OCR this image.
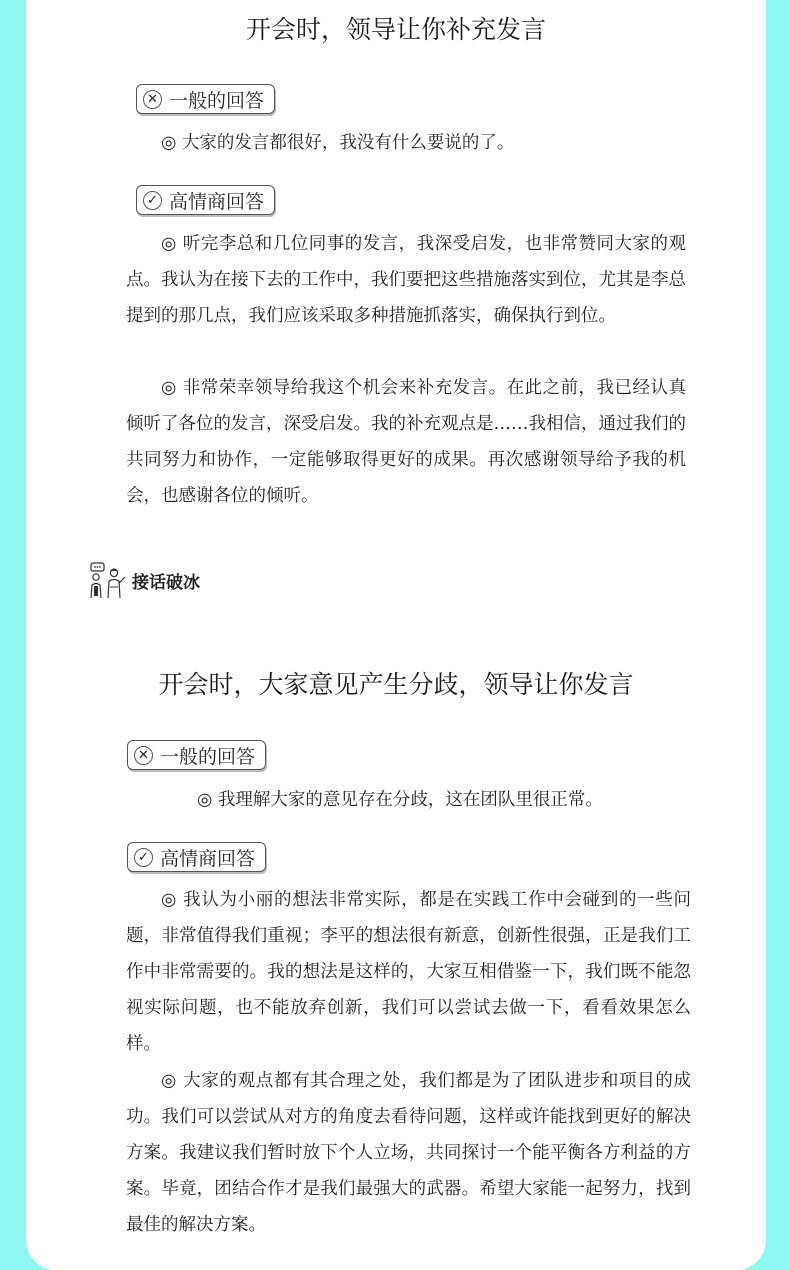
开会时，领导让你补充发言
✕ 一般的回答

◎ 大家的发言都很好，我没有什么要说的了。

✓ 高情商回答

◎ 听完李总和几位同事的发言，我深受启发，也非常赞同大家的观点。我认为在接下去的工作中，我们要把这些措施落实到位，尤其是李总提到的那几点，我们应该采取多种措施抓落实，确保执行到位。

◎ 非常荣幸领导给我这个机会来补充发言。在此之前，我已经认真倾听了各位的发言，深受启发。我的补充观点是……我相信，通过我们的共同努力和协作，一定能够取得更好的成果。再次感谢领导给予我的机会，也感谢各位的倾听。

接话破冰
开会时，大家意见产生分歧，领导让你发言
✕ 一般的回答

◎ 我理解大家的意见存在分歧，这在团队里很正常。

✓ 高情商回答

◎ 我认为小丽的想法非常实际，都是在实践工作中会碰到的一些问题，非常值得我们重视；李平的想法很有新意，创新性很强，正是我们工作中非常需要的。我的想法是这样的，大家互相借鉴一下，我们既不能忽视实际问题，也不能放弃创新，我们可以尝试去做一下，看看效果怎么样。

◎ 大家的观点都有其合理之处，我们都是为了团队进步和项目的成功。我们可以尝试从对方的角度去看待问题，这样或许能找到更好的解决方案。我建议我们暂时放下个人立场，共同探讨一个能平衡各方利益的方案。毕竟，团结合作才是我们最强大的武器。希望大家能一起努力，找到最佳的解决方案。
